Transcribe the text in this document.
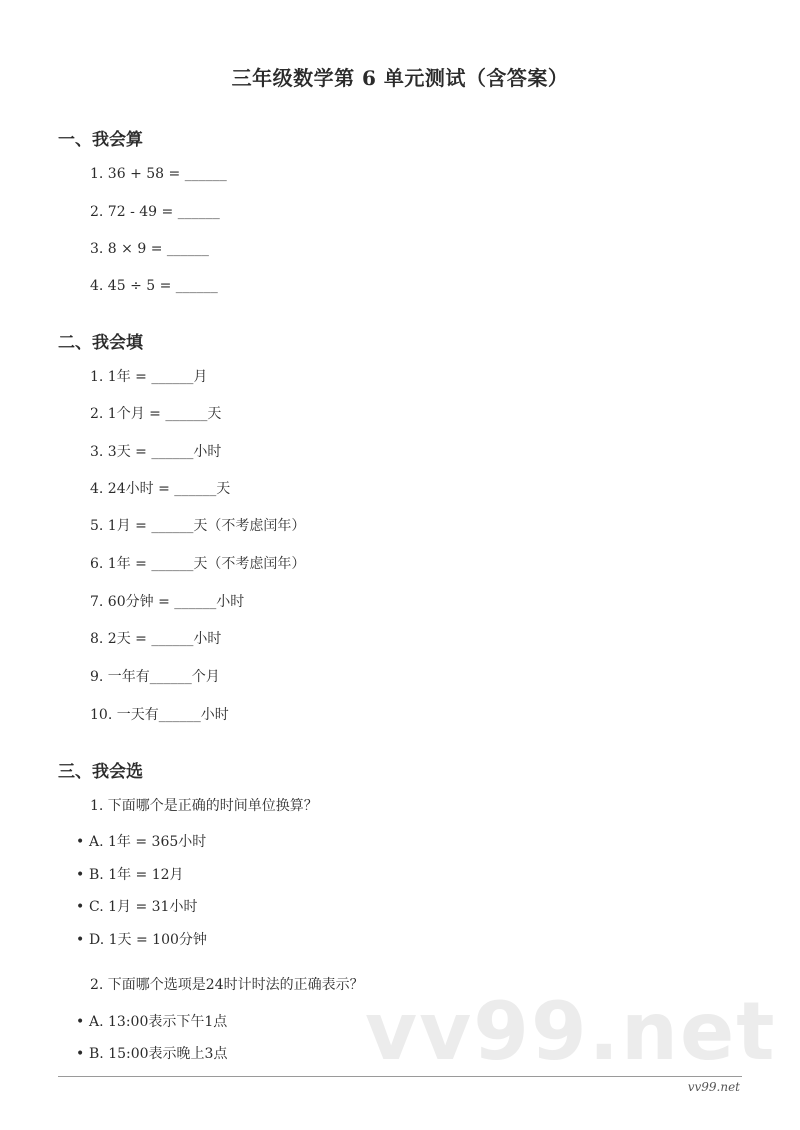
vv99.net
三年级数学第 6 单元测试（含答案）
一、我会算
1. 36 + 58 = ______
2. 72 - 49 = ______
3. 8 × 9 = ______
4. 45 ÷ 5 = ______
二、我会填
1. 1年 = ______月
2. 1个月 = ______天
3. 3天 = ______小时
4. 24小时 = ______天
5. 1月 = ______天（不考虑闰年）
6. 1年 = ______天（不考虑闰年）
7. 60分钟 = ______小时
8. 2天 = ______小时
9. 一年有______个月
10. 一天有______小时
三、我会选
1. 下面哪个是正确的时间单位换算？
• A. 1年 = 365小时
• B. 1年 = 12月
• C. 1月 = 31小时
• D. 1天 = 100分钟
2. 下面哪个选项是24时计时法的正确表示？
• A. 13:00表示下午1点
• B. 15:00表示晚上3点
vv99.net
